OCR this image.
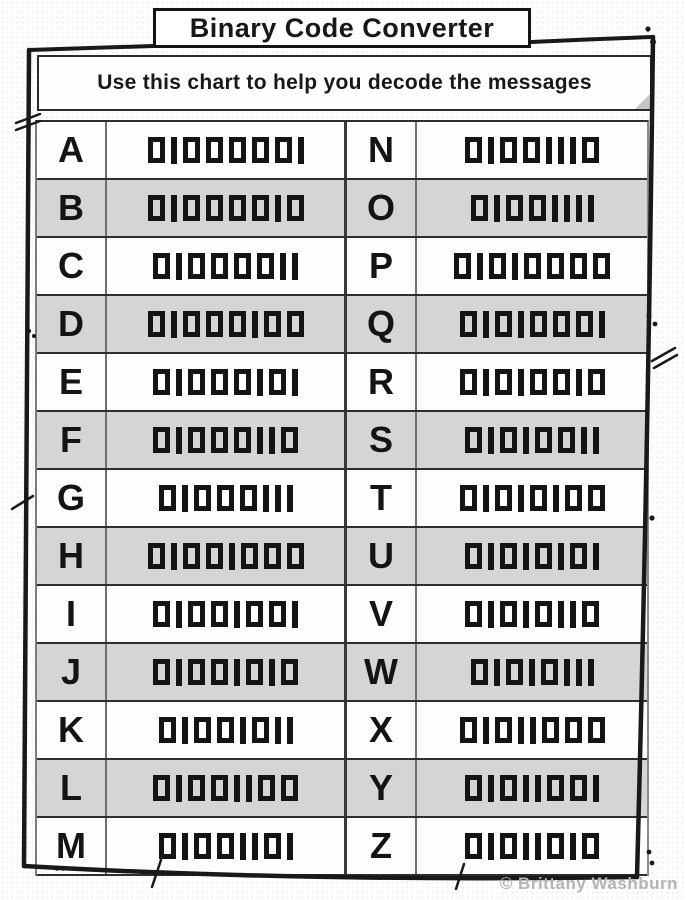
Binary Code Converter
Use this chart to help you decode the messages
A	N
B	O
C	P
D	Q
E	R
F	S
G	T
H	U
I	V
J	W
K	X
L	Y
M	Z
© Brittany Washburn
